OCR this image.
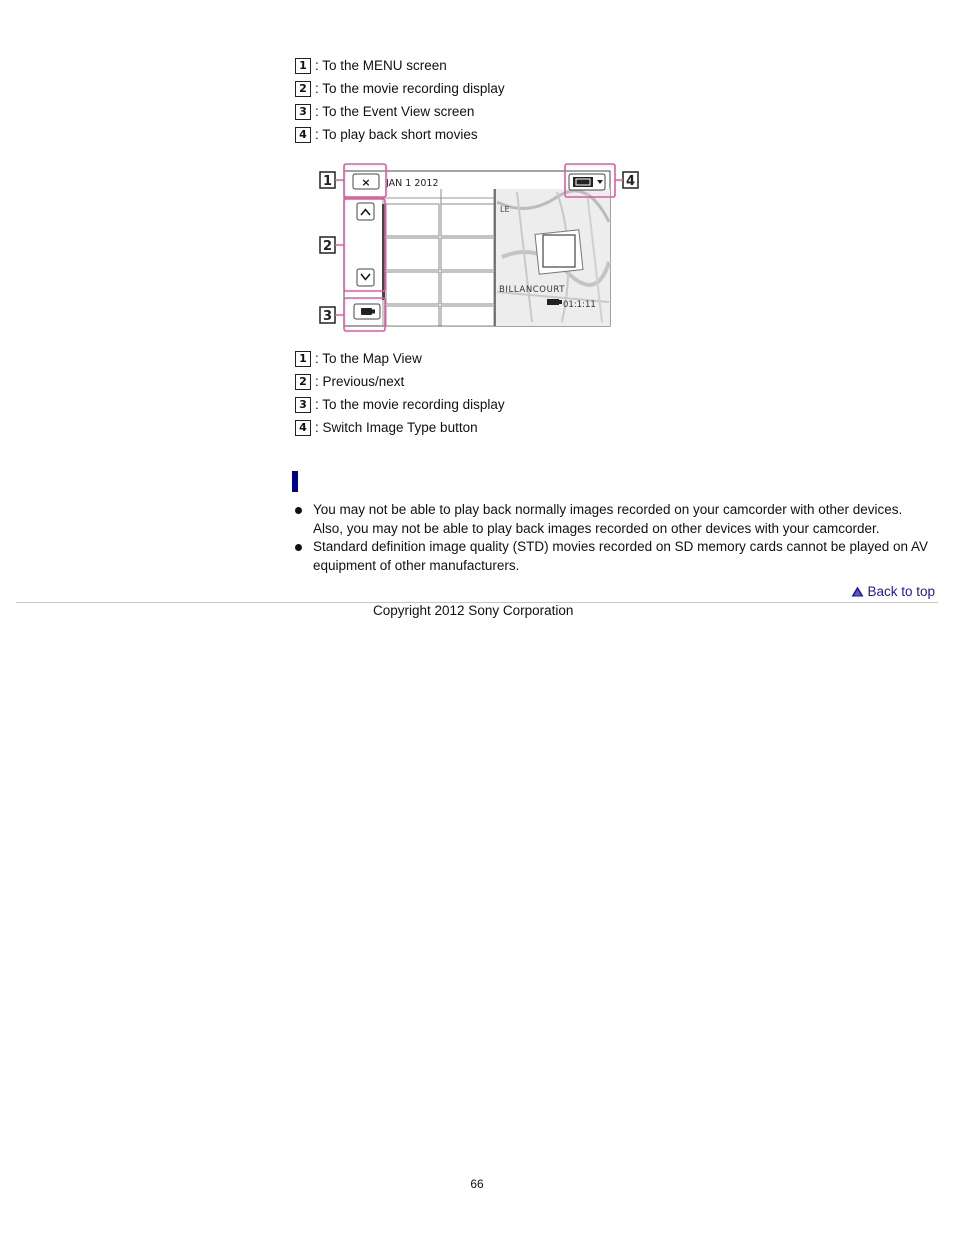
1 : To the MENU screen
2 : To the movie recording display
3 : To the Event View screen
4 : To play back short movies
1
2
3
4
LE
BILLANCOURT
01:1:11
JAN 1 2012
×
1 : To the Map View
2 : Previous/next
3 : To the movie recording display
4 : Switch Image Type button
You may not be able to play back normally images recorded on your camcorder with other devices. Also, you may not be able to play back images recorded on other devices with your camcorder.
Standard definition image quality (STD) movies recorded on SD memory cards cannot be played on AV equipment of other manufacturers.
Back to top
Copyright 2012 Sony Corporation
66
